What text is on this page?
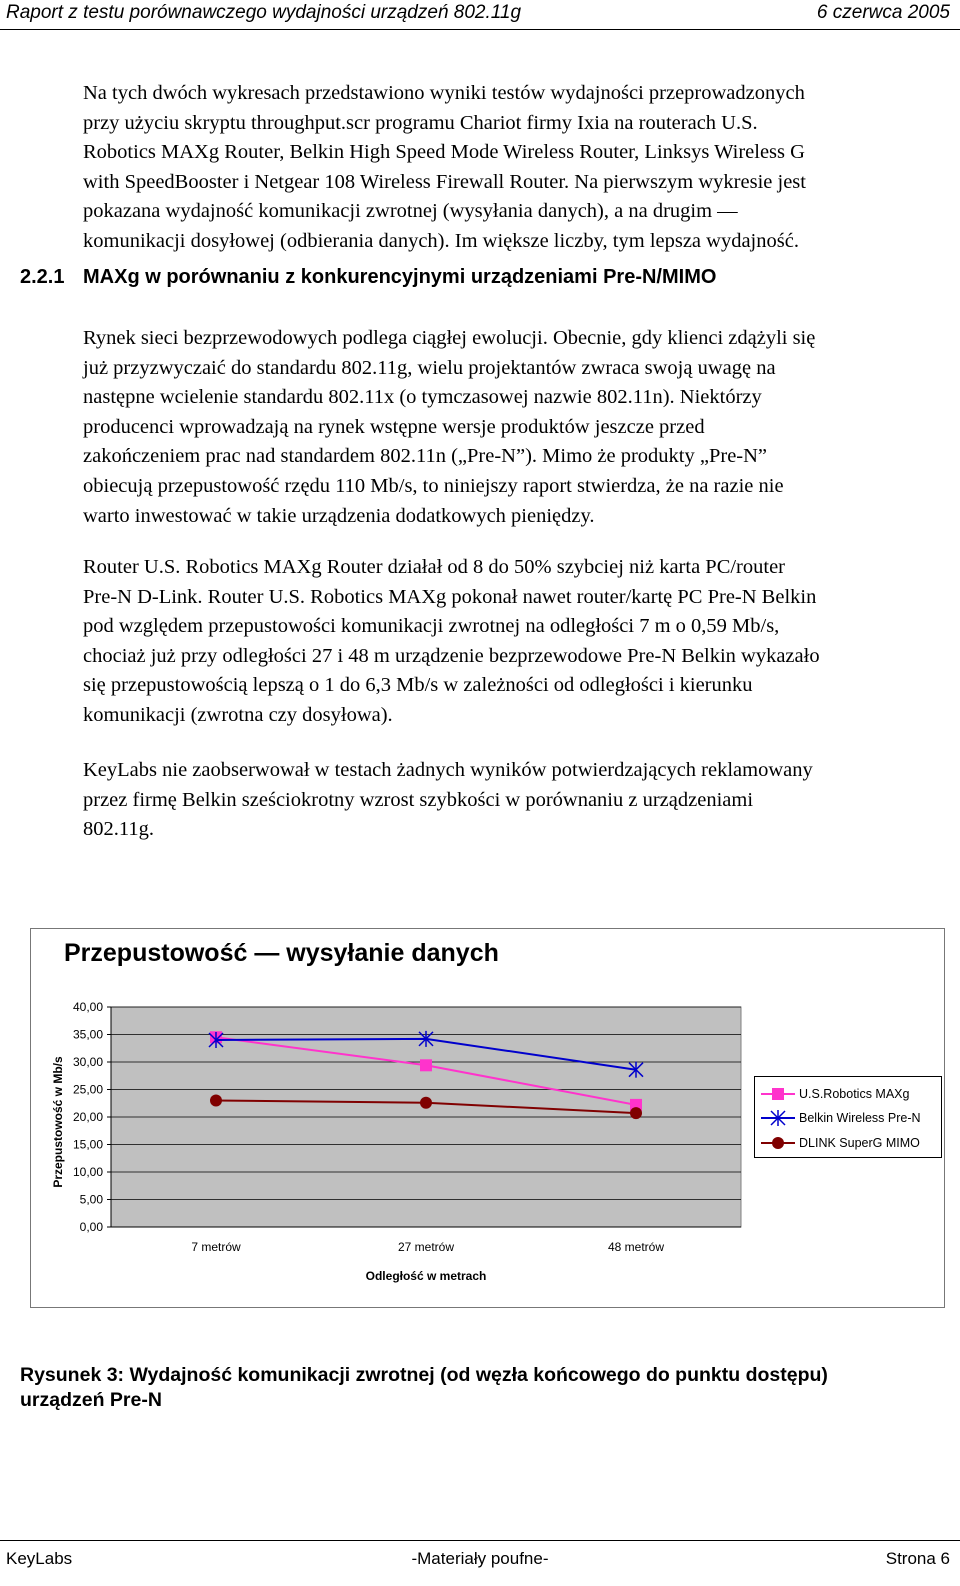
Raport z testu porównawczego wydajności urządzeń 802.11g	6 czerwca 2005

Na tych dwóch wykresach przedstawiono wyniki testów wydajności przeprowadzonych
przy użyciu skryptu throughput.scr programu Chariot firmy Ixia na routerach U.S.
Robotics MAXg Router, Belkin High Speed Mode Wireless Router, Linksys Wireless G
with SpeedBooster i Netgear 108 Wireless Firewall Router. Na pierwszym wykresie jest
pokazana wydajność komunikacji zwrotnej (wysyłania danych), a na drugim —
komunikacji dosyłowej (odbierania danych). Im większe liczby, tym lepsza wydajność.

2.2.1 MAXg w porównaniu z konkurencyjnymi urządzeniami Pre-N/MIMO

Rynek sieci bezprzewodowych podlega ciągłej ewolucji. Obecnie, gdy klienci zdążyli się
już przyzwyczaić do standardu 802.11g, wielu projektantów zwraca swoją uwagę na
następne wcielenie standardu 802.11x (o tymczasowej nazwie 802.11n). Niektórzy
producenci wprowadzają na rynek wstępne wersje produktów jeszcze przed
zakończeniem prac nad standardem 802.11n („Pre-N”). Mimo że produkty „Pre-N”
obiecują przepustowość rzędu 110 Mb/s, to niniejszy raport stwierdza, że na razie nie
warto inwestować w takie urządzenia dodatkowych pieniędzy.

Router U.S. Robotics MAXg Router działał od 8 do 50% szybciej niż karta PC/router
Pre-N D-Link. Router U.S. Robotics MAXg pokonał nawet router/kartę PC Pre-N Belkin
pod względem przepustowości komunikacji zwrotnej na odległości 7 m o 0,59 Mb/s,
chociaż już przy odległości 27 i 48 m urządzenie bezprzewodowe Pre-N Belkin wykazało
się przepustowością lepszą o 1 do 6,3 Mb/s w zależności od odległości i kierunku
komunikacji (zwrotna czy dosyłowa).

KeyLabs nie zaobserwował w testach żadnych wyników potwierdzających reklamowany
przez firmę Belkin sześciokrotny wzrost szybkości w porównaniu z urządzeniami
802.11g.

0,00
5,00
10,00
15,00
20,00
25,00
30,00
35,00
40,00
7 metrów	27 metrów	48 metrów
Odległość w metrach
Przepustowość w Mb/s
Przepustowość — wysyłanie danych
U.S.Robotics MAXg
Belkin Wireless Pre-N
DLINK SuperG MIMO

Rysunek 3: Wydajność komunikacji zwrotnej (od węzła końcowego do punktu dostępu)
urządzeń Pre-N

KeyLabs	-Materiały poufne-	Strona 6
